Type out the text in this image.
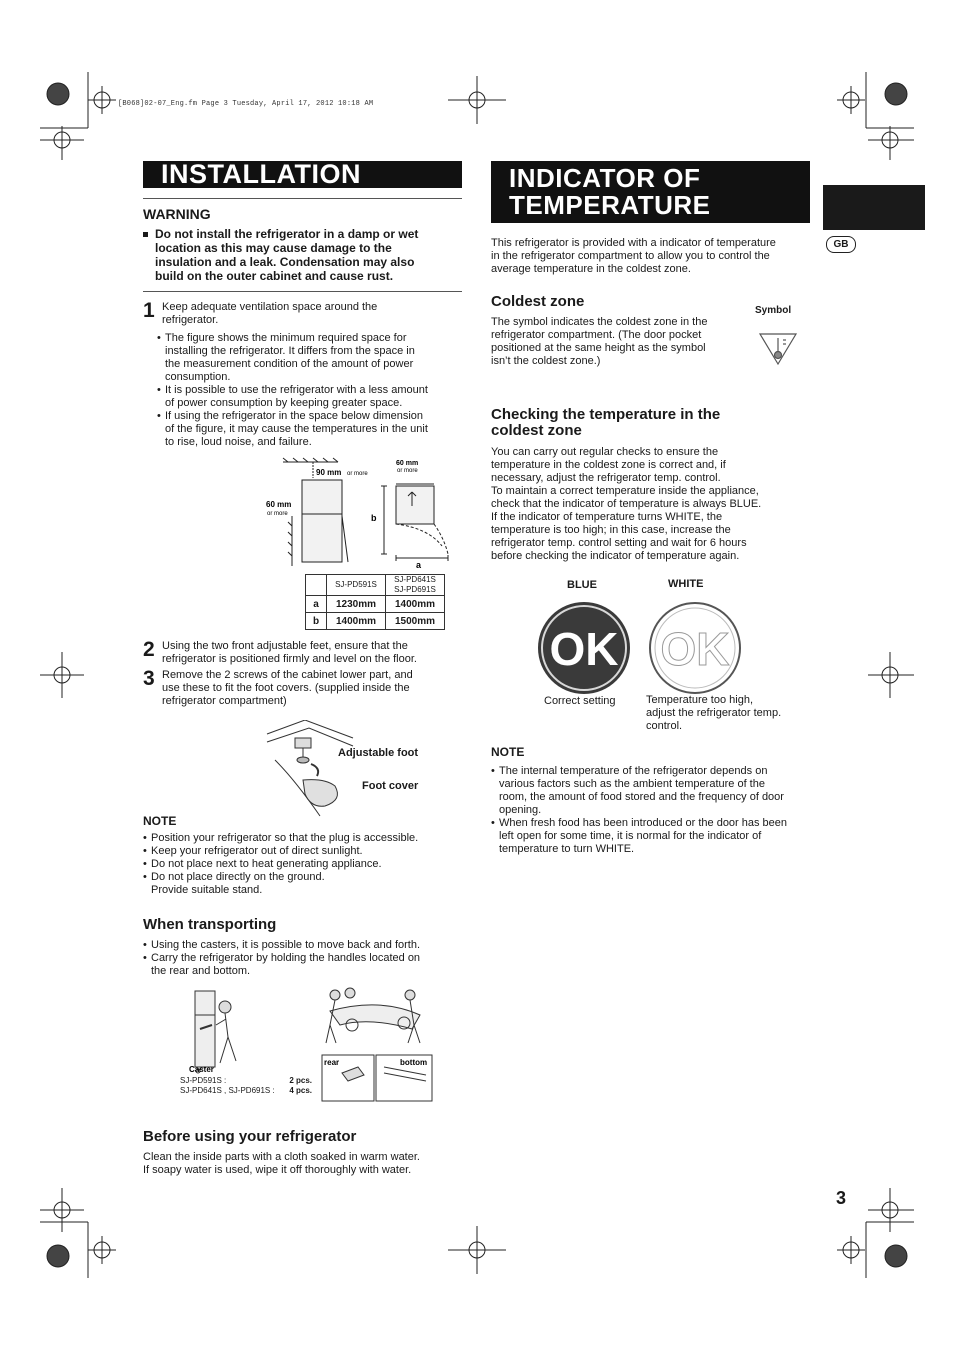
[B068]02-07_Eng.fm Page 3 Tuesday, April 17, 2012 10:18 AM
INSTALLATION
WARNING
Do not install the refrigerator in a damp or wet
location as this may cause damage to the
insulation and a leak. Condensation may also
build on the outer cabinet and cause rust.
1 Keep adequate ventilation space around the
refrigerator.
• The figure shows the minimum required space for
installing the refrigerator. It differs from the space in
the measurement condition of the amount of power
consumption.
• It is possible to use the refrigerator with a less amount
of power consumption by keeping greater space.
• If using the refrigerator in the space below dimension
of the figure, it may cause the temperatures in the unit
to rise, loud noise, and failure.
90 mm or more
60 mm
or more
60 mm
or more
b
a
	SJ-PD591S	SJ-PD641S
SJ-PD691S

a	1230mm	1400mm
b	1400mm	1500mm
2 Using the two front adjustable feet, ensure that the
refrigerator is positioned firmly and level on the floor.
3 Remove the 2 screws of the cabinet lower part, and
use these to fit the foot covers. (supplied inside the
refrigerator compartment)
Adjustable foot
Foot cover
NOTE
• Position your refrigerator so that the plug is accessible.
• Keep your refrigerator out of direct sunlight.
• Do not place next to heat generating appliance.
• Do not place directly on the ground.
Provide suitable stand.
When transporting
• Using the casters, it is possible to move back and forth.
• Carry the refrigerator by holding the handles located on
the rear and bottom.
Caster
rear	bottom
SJ-PD591S :	2 pcs.
SJ-PD641S , SJ-PD691S : 4 pcs.
Before using your refrigerator
Clean the inside parts with a cloth soaked in warm water.
If soapy water is used, wipe it off thoroughly with water.
INDICATOR OF
TEMPERATURE
GB
This refrigerator is provided with a indicator of temperature
in the refrigerator compartment to allow you to control the
average temperature in the coldest zone.
Coldest zone
Symbol
The symbol indicates the coldest zone in the
refrigerator compartment. (The door pocket
positioned at the same height as the symbol
isn’t the coldest zone.)
Checking the temperature in the
coldest zone
You can carry out regular checks to ensure the
temperature in the coldest zone is correct and, if
necessary, adjust the refrigerator temp. control.
To maintain a correct temperature inside the appliance,
check that the indicator of temperature is always BLUE.
If the indicator of temperature turns WHITE, the
temperature is too high; in this case, increase the
refrigerator temp. control setting and wait for 6 hours
before checking the indicator of temperature again.
BLUE	WHITE
OK OK
Correct setting	Temperature too high,
adjust the refrigerator temp.
control.
NOTE
• The internal temperature of the refrigerator depends on
various factors such as the ambient temperature of the
room, the amount of food stored and the frequency of door
opening.
• When fresh food has been introduced or the door has been
left open for some time, it is normal for the indicator of
temperature to turn WHITE.
3
